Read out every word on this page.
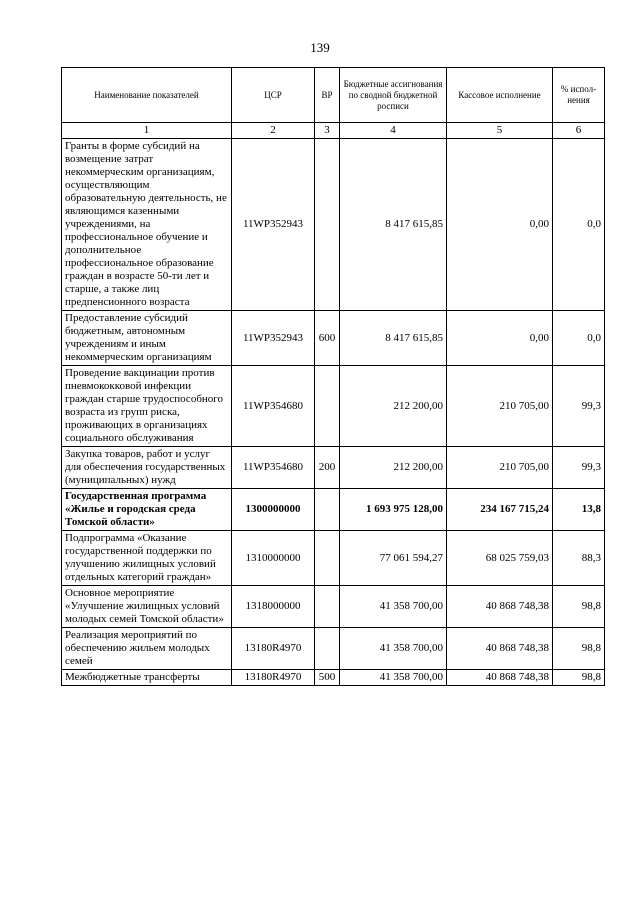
139
Наименование показателей	ЦСР	ВР	Бюджетные ассигнования по сводной бюджетной росписи	Кассовое исполнение	% испол-нения
1	2	3	4	5	6
Гранты в форме субсидий на возмещение затрат некоммерческим организациям, осуществляющим образовательную деятельность, не являющимся казенными учреждениями, на профессиональное обучение и дополнительное профессиональное образование граждан в возрасте 50-ти лет и старше, а также лиц предпенсионного возраста	11WP352943		8 417 615,85	0,00	0,0
Предоставление субсидий бюджетным, автономным учреждениям и иным некоммерческим организациям	11WP352943	600	8 417 615,85	0,00	0,0
Проведение вакцинации против пневмококковой инфекции граждан старше трудоспособного возраста из групп риска, проживающих в организациях социального обслуживания	11WP354680		212 200,00	210 705,00	99,3
Закупка товаров, работ и услуг для обеспечения государственных (муниципальных) нужд	11WP354680	200	212 200,00	210 705,00	99,3
Государственная программа «Жилье и городская среда Томской области»	1300000000		1 693 975 128,00	234 167 715,24	13,8
Подпрограмма «Оказание государственной поддержки по улучшению жилищных условий отдельных категорий граждан»	1310000000		77 061 594,27	68 025 759,03	88,3
Основное мероприятие «Улучшение жилищных условий молодых семей Томской области»	1318000000		41 358 700,00	40 868 748,38	98,8
Реализация мероприятий по обеспечению жильем молодых семей	13180R4970		41 358 700,00	40 868 748,38	98,8
Межбюджетные трансферты	13180R4970	500	41 358 700,00	40 868 748,38	98,8
